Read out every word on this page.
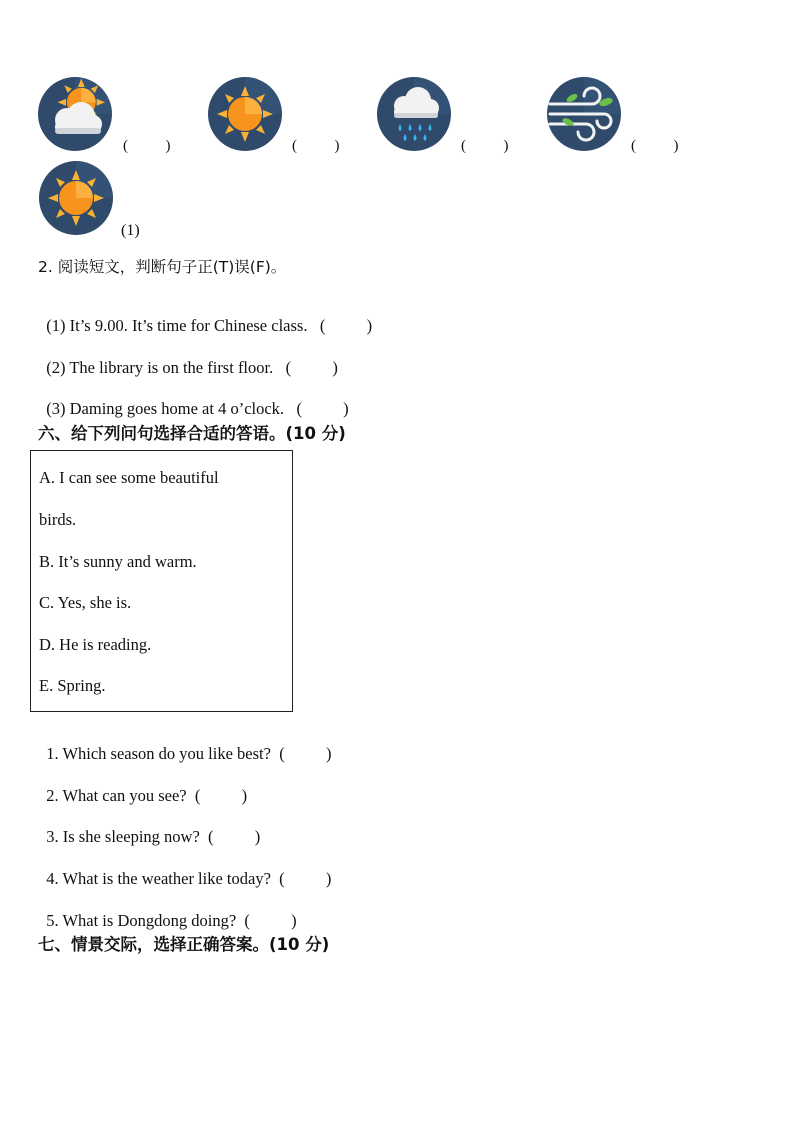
(          )	(          )	(          )	(          )
(1)
2. 阅读短文，判断句子正(T)误(F)。

(1) It’s 9.00. It’s time for Chinese class. (          )

(2) The library is on the first floor. (          )

(3) Daming goes home at 4 o’clock. (          )

六、给下列问句选择合适的答语。(10 分)
A. I can see some beautiful
birds.
B. It’s sunny and warm.
C. Yes, she is.
D. He is reading.
E. Spring.

1. Which season do you like best? (          )

2. What can you see? (          )

3. Is she sleeping now? (          )

4. What is the weather like today? (          )

5. What is Dongdong doing? (          )

七、情景交际，选择正确答案。(10 分)
